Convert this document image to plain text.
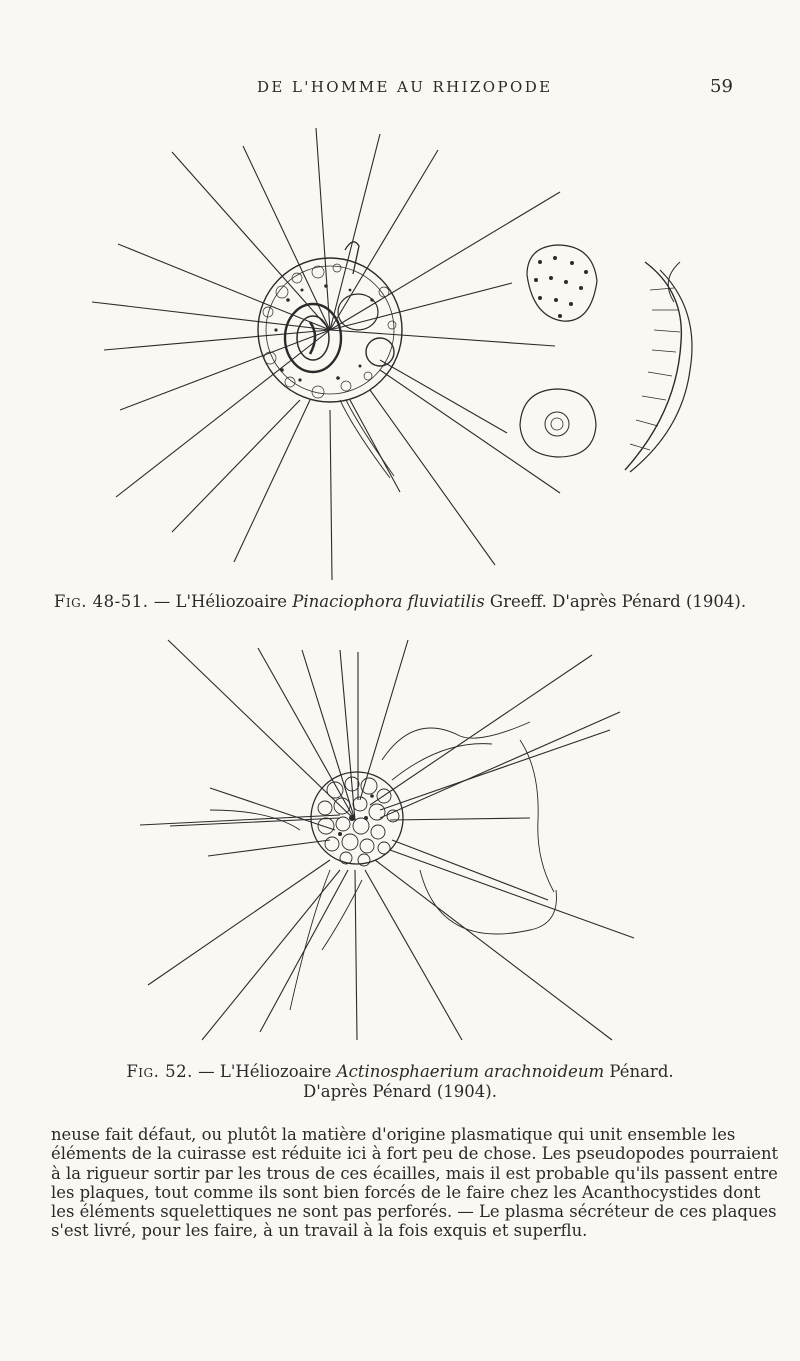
DE L'HOMME AU RHIZOPODE	59
Fig. 48-51. — L'Héliozoaire Pinaciophora fluviatilis Greeff. D'après Pénard (1904).
Fig. 52. — L'Héliozoaire Actinosphaerium arachnoideum Pénard.
D'après Pénard (1904).
neuse fait défaut, ou plutôt la matière d'origine plasmatique qui unit ensemble les
éléments de la cuirasse est réduite ici à fort peu de chose. Les pseudopodes pourraient
à la rigueur sortir par les trous de ces écailles, mais il est probable qu'ils passent entre
les plaques, tout comme ils sont bien forcés de le faire chez les Acanthocystides dont
les éléments squelettiques ne sont pas perforés. — Le plasma sécréteur de ces plaques
s'est livré, pour les faire, à un travail à la fois exquis et superflu.
